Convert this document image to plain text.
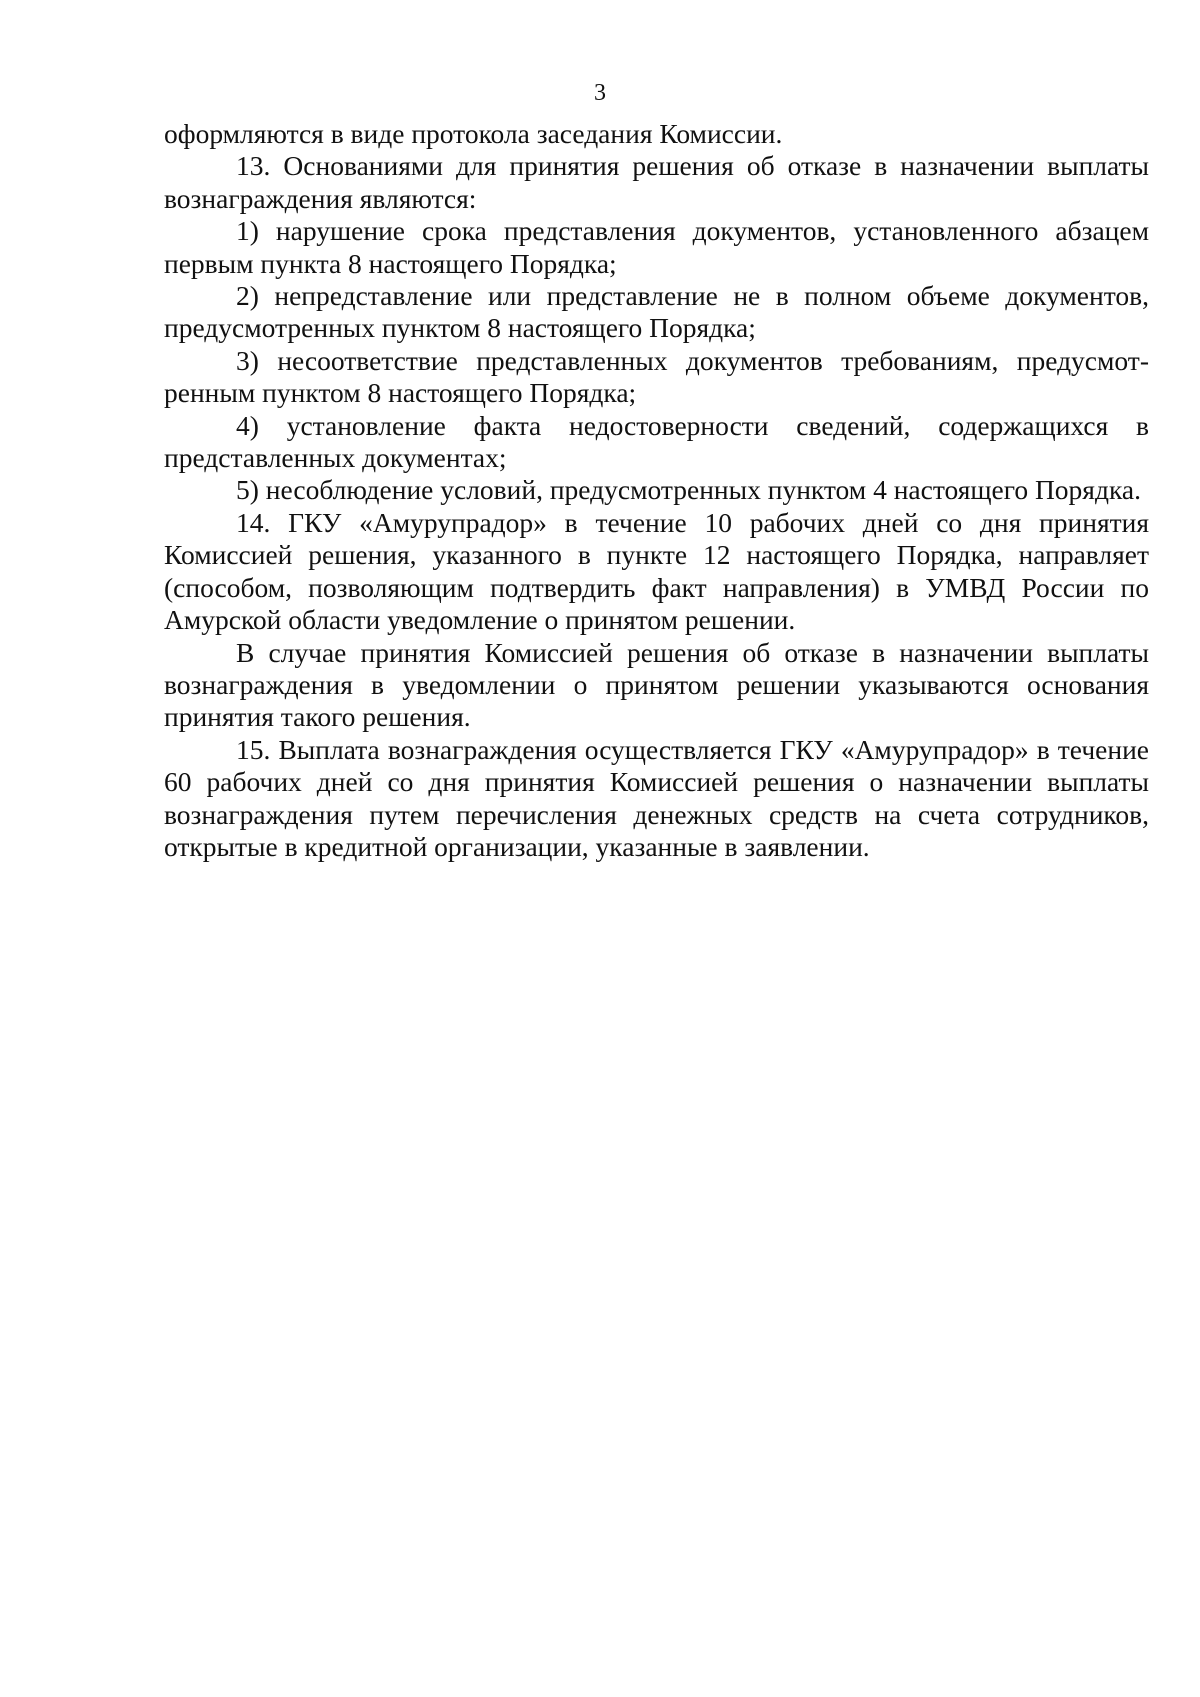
3

оформляются в виде протокола заседания Комиссии.

13. Основаниями для принятия решения об отказе в назначении выплаты вознаграждения являются:

1) нарушение срока представления документов, установленного абзацем первым пункта 8 настоящего Порядка;

2) непредставление или представление не в полном объеме документов, предусмотренных пунктом 8 настоящего Порядка;

3) несоответствие представленных документов требованиям, предусмотренным пунктом 8 настоящего Порядка;

4) установление факта недостоверности сведений, содержащихся в представленных документах;

5) несоблюдение условий, предусмотренных пунктом 4 настоящего Порядка.

14. ГКУ «Амурупрадор» в течение 10 рабочих дней со дня принятия Комиссией решения, указанного в пункте 12 настоящего Порядка, направляет (способом, позволяющим подтвердить факт направления) в УМВД России по Амурской области уведомление о принятом решении.

В случае принятия Комиссией решения об отказе в назначении выплаты вознаграждения в уведомлении о принятом решении указываются основания принятия такого решения.

15. Выплата вознаграждения осуществляется ГКУ «Амурупрадор» в течение 60 рабочих дней со дня принятия Комиссией решения о назначении выплаты вознаграждения путем перечисления денежных средств на счета сотрудников, открытые в кредитной организации, указанные в заявлении.
